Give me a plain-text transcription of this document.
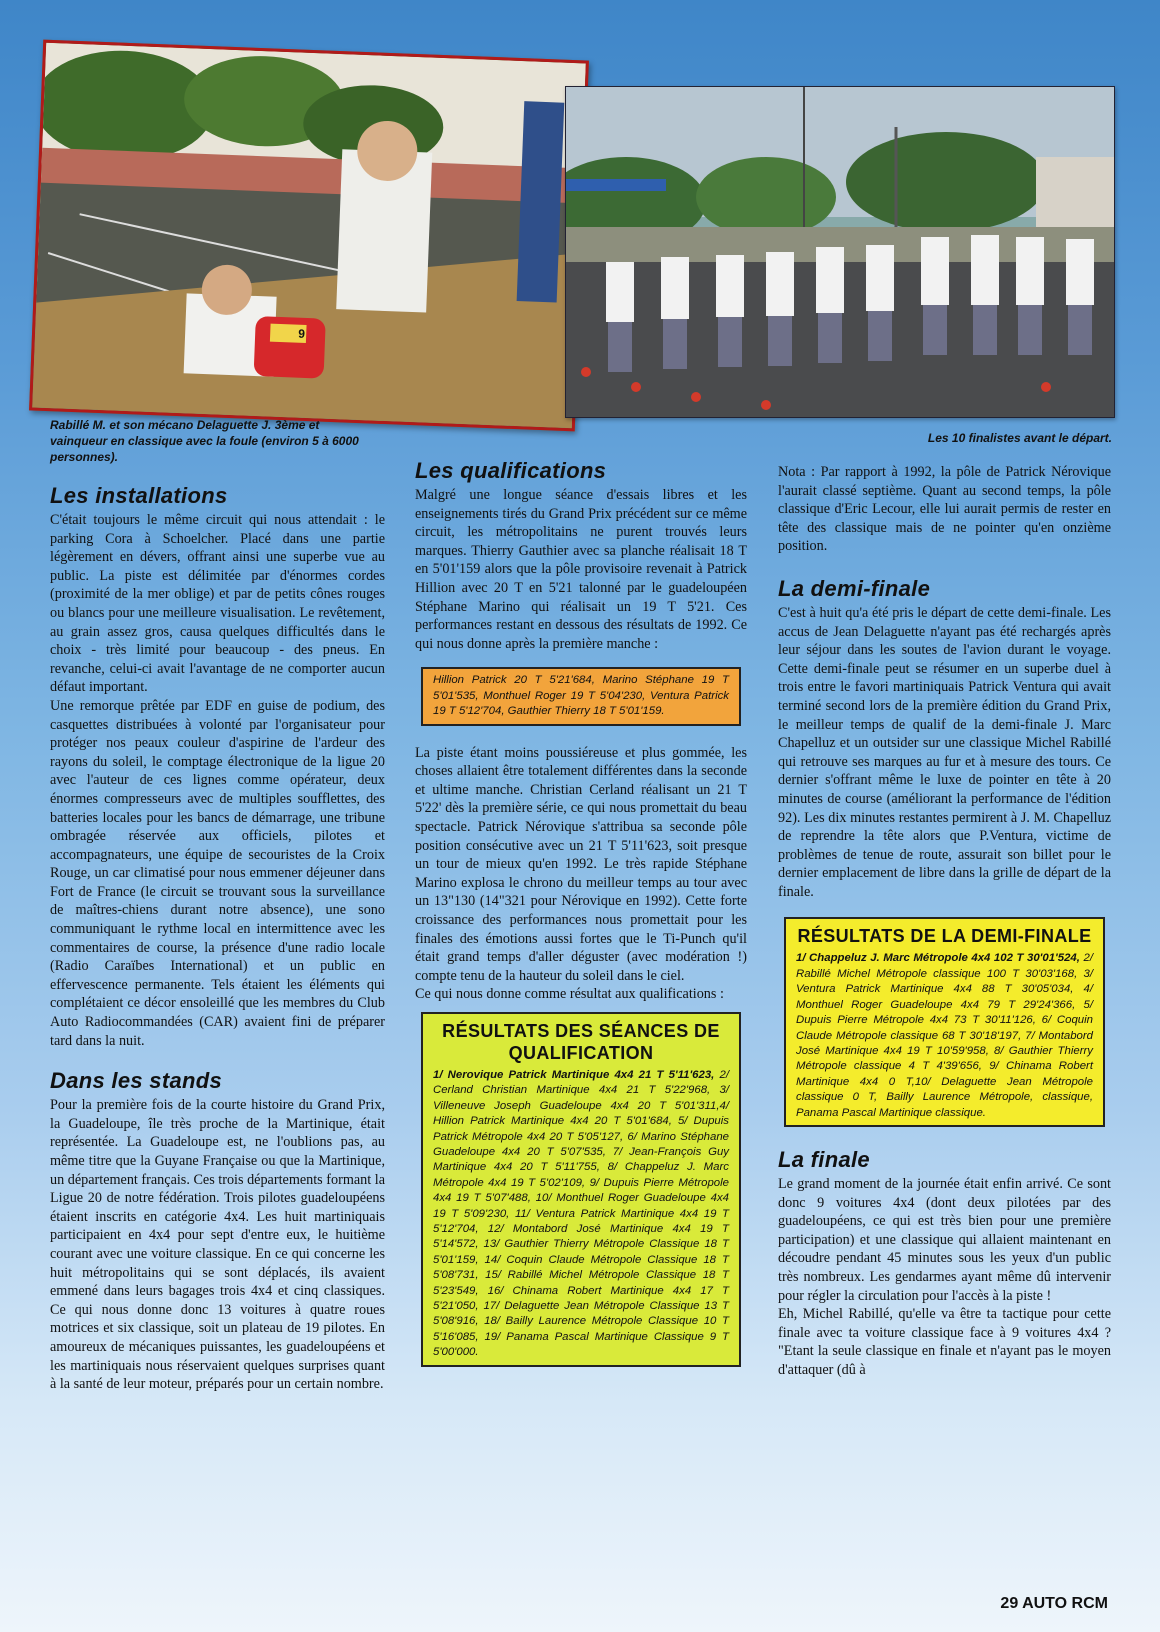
9
Rabillé M. et son mécano Delaguette J. 3ème et vainqueur en classique avec la foule (environ 5 à 6000 personnes).
Les 10 finalistes avant le départ.
Les installations

C'était toujours le même circuit qui nous attendait : le parking Cora à Schoelcher. Placé dans une partie légèrement en dévers, offrant ainsi une superbe vue au public. La piste est délimitée par d'énormes cordes (proximité de la mer oblige) et par de petits cônes rouges ou blancs pour une meilleure visualisation. Le revêtement, au grain assez gros, causa quelques difficultés dans le choix - très limité pour beaucoup - des pneus. En revanche, celui-ci avait l'avantage de ne comporter aucun défaut important.

Une remorque prêtée par EDF en guise de podium, des casquettes distribuées à volonté par l'organisateur pour protéger nos peaux couleur d'aspirine de l'ardeur des rayons du soleil, le comptage électronique de la ligue 20 avec l'auteur de ces lignes comme opérateur, deux énormes compresseurs avec de multiples soufflettes, des batteries locales pour les bancs de démarrage, une tribune ombragée réservée aux officiels, pilotes et accompagnateurs, une équipe de secouristes de la Croix Rouge, un car climatisé pour nous emmener déjeuner dans Fort de France (le circuit se trouvant sous la surveillance de maîtres-chiens durant notre absence), une sono communiquant le rythme local en intermittence avec les commentaires de course, la présence d'une radio locale (Radio Caraïbes International) et un public en effervescence permanente. Tels étaient les éléments qui complétaient ce décor ensoleillé que les membres du Club Auto Radiocommandées (CAR) avaient fini de préparer tard dans la nuit.

Dans les stands

Pour la première fois de la courte histoire du Grand Prix, la Guadeloupe, île très proche de la Martinique, était représentée. La Guadeloupe est, ne l'oublions pas, au même titre que la Guyane Française ou que la Martinique, un département français. Ces trois départements formant la Ligue 20 de notre fédération. Trois pilotes guadeloupéens étaient inscrits en catégorie 4x4. Les huit martiniquais participaient en 4x4 pour sept d'entre eux, le huitième courant avec une voiture classique. En ce qui concerne les huit métropolitains qui se sont déplacés, ils avaient emmené dans leurs bagages trois 4x4 et cinq classiques. Ce qui nous donne donc 13 voitures à quatre roues motrices et six classique, soit un plateau de 19 pilotes. En amoureux de mécaniques puissantes, les guadeloupéens et les martiniquais nous réservaient quelques surprises quant à la santé de leur moteur, préparés pour un certain nombre.

Les qualifications

Malgré une longue séance d'essais libres et les enseignements tirés du Grand Prix précédent sur ce même circuit, les métropolitains ne purent trouvés leurs marques. Thierry Gauthier avec sa planche réalisait 18 T en 5'01'159 alors que la pôle provisoire revenait à Patrick Hillion avec 20 T en 5'21 talonné par le guadeloupéen Stéphane Marino qui réalisait un 19 T 5'21. Ces performances restant en dessous des résultats de 1992. Ce qui nous donne après la première manche :

Hillion Patrick 20 T 5'21'684, Marino Stéphane 19 T 5'01'535, Monthuel Roger 19 T 5'04'230, Ventura Patrick 19 T 5'12'704, Gauthier Thierry 18 T 5'01'159.

La piste étant moins poussiéreuse et plus gommée, les choses allaient être totalement différentes dans la seconde et ultime manche. Christian Cerland réalisant un 21 T 5'22' dès la première série, ce qui nous promettait du beau spectacle. Patrick Nérovique s'attribua sa seconde pôle position consécutive avec un 21 T 5'11'623, soit presque un tour de mieux qu'en 1992. Le très rapide Stéphane Marino explosa le chrono du meilleur temps au tour avec un 13"130 (14"321 pour Nérovique en 1992). Cette forte croissance des performances nous promettait pour les finales des émotions aussi fortes que le Ti-Punch qu'il était grand temps d'aller déguster (avec modération !) compte tenu de la hauteur du soleil dans le ciel.

Ce qui nous donne comme résultat aux qualifications :

RÉSULTATS DES SÉANCES DE QUALIFICATION
1/ Nerovique Patrick Martinique 4x4 21 T 5'11'623, 2/ Cerland Christian Martinique 4x4 21 T 5'22'968, 3/ Villeneuve Joseph Guadeloupe 4x4 20 T 5'01'311,4/ Hillion Patrick Martinique 4x4 20 T 5'01'684, 5/ Dupuis Patrick Métropole 4x4 20 T 5'05'127, 6/ Marino Stéphane Guadeloupe 4x4 20 T 5'07'535, 7/ Jean-François Guy Martinique 4x4 20 T 5'11'755, 8/ Chappeluz J. Marc Métropole 4x4 19 T 5'02'109, 9/ Dupuis Pierre Métropole 4x4 19 T 5'07'488, 10/ Monthuel Roger Guadeloupe 4x4 19 T 5'09'230, 11/ Ventura Patrick Martinique 4x4 19 T 5'12'704, 12/ Montabord José Martinique 4x4 19 T 5'14'572, 13/ Gauthier Thierry Métropole Classique 18 T 5'01'159, 14/ Coquin Claude Métropole Classique 18 T 5'08'731, 15/ Rabillé Michel Métropole Classique 18 T 5'23'549, 16/ Chinama Robert Martinique 4x4 17 T 5'21'050, 17/ Delaguette Jean Métropole Classique 13 T 5'08'916, 18/ Bailly Laurence Métropole Classique 10 T 5'16'085, 19/ Panama Pascal Martinique Classique 9 T 5'00'000.

Nota : Par rapport à 1992, la pôle de Patrick Nérovique l'aurait classé septième. Quant au second temps, la pôle classique d'Eric Lecour, elle lui aurait permis de rester en tête des classique mais de ne pointer qu'en onzième position.

La demi-finale

C'est à huit qu'a été pris le départ de cette demi-finale. Les accus de Jean Delaguette n'ayant pas été rechargés après leur séjour dans les soutes de l'avion durant le voyage. Cette demi-finale peut se résumer en un superbe duel à trois entre le favori martiniquais Patrick Ventura qui avait terminé second lors de la première édition du Grand Prix, le meilleur temps de qualif de la demi-finale J. Marc Chapelluz et un outsider sur une classique Michel Rabillé qui retrouve ses marques au fur et à mesure des tours. Ce dernier s'offrant même le luxe de pointer en tête à 20 minutes de course (améliorant la performance de l'édition 92). Les dix minutes restantes permirent à J. M. Chapelluz de reprendre la tête alors que P.Ventura, victime de problèmes de tenue de route, assurait son billet pour le dernier emplacement de libre dans la grille de départ de la finale.

RÉSULTATS DE LA DEMI-FINALE
1/ Chappeluz J. Marc Métropole 4x4 102 T 30'01'524, 2/ Rabillé Michel Métropole classique 100 T 30'03'168, 3/ Ventura Patrick Martinique 4x4 88 T 30'05'034, 4/ Monthuel Roger Guadeloupe 4x4 79 T 29'24'366, 5/ Dupuis Pierre Métropole 4x4 73 T 30'11'126, 6/ Coquin Claude Métropole classique 68 T 30'18'197, 7/ Montabord José Martinique 4x4 19 T 10'59'958, 8/ Gauthier Thierry Métropole classique 4 T 4'39'656, 9/ Chinama Robert Martinique 4x4 0 T,10/ Delaguette Jean Métropole classique 0 T, Bailly Laurence Métropole, classique, Panama Pascal Martinique classique.
La finale

Le grand moment de la journée était enfin arrivé. Ce sont donc 9 voitures 4x4 (dont deux pilotées par des guadeloupéens, ce qui est très bien pour une première participation) et une classique qui allaient maintenant en découdre pendant 45 minutes sous les yeux d'un public très nombreux. Les gendarmes ayant même dû intervenir pour régler la circulation pour l'accès à la piste !

Eh, Michel Rabillé, qu'elle va être ta tactique pour cette finale avec ta voiture classique face à 9 voitures 4x4 ? "Etant la seule classique en finale et n'ayant pas le moyen d'attaquer (dû à

29 AUTO RCM
